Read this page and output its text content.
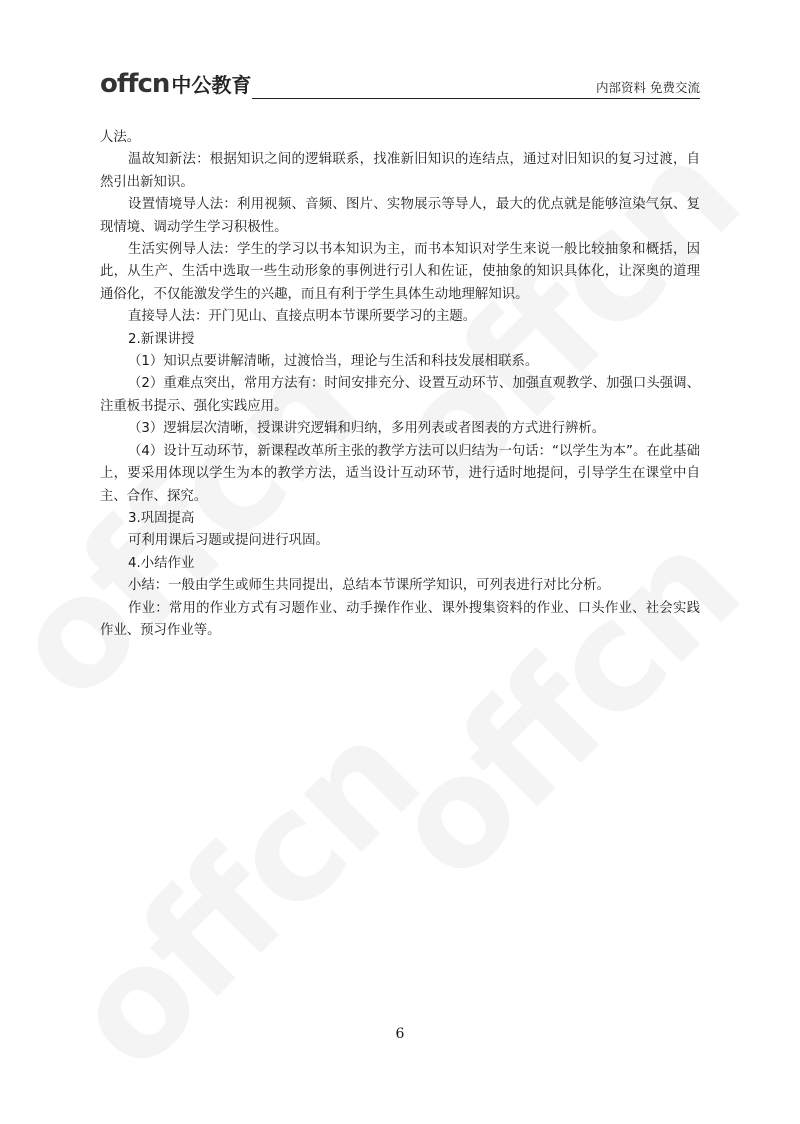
offcn 中公教育	内部资料 免费交流

人法。

温故知新法：根据知识之间的逻辑联系，找准新旧知识的连结点，通过对旧知识的复习过渡，自然引出新知识。

设置情境导人法：利用视频、音频、图片、实物展示等导人，最大的优点就是能够渲染气氛、复现情境、调动学生学习积极性。

生活实例导人法：学生的学习以书本知识为主，而书本知识对学生来说一般比较抽象和概括，因此，从生产、生活中选取一些生动形象的事例进行引人和佐证，使抽象的知识具体化，让深奥的道理通俗化，不仅能激发学生的兴趣，而且有利于学生具体生动地理解知识。

直接导人法：开门见山、直接点明本节课所要学习的主题。

2.新课讲授

（1）知识点要讲解清晰，过渡恰当，理论与生活和科技发展相联系。

（2）重难点突出，常用方法有：时间安排充分、设置互动环节、加强直观教学、加强口头强调、注重板书提示、强化实践应用。

（3）逻辑层次清晰，授课讲究逻辑和归纳，多用列表或者图表的方式进行辨析。

（4）设计互动环节，新课程改革所主张的教学方法可以归结为一句话：“以学生为本”。在此基础上，要采用体现以学生为本的教学方法，适当设计互动环节，进行适时地提问，引导学生在课堂中自主、合作、探究。

3.巩固提高

可利用课后习题或提问进行巩固。

4.小结作业

小结：一般由学生或师生共同提出，总结本节课所学知识，可列表进行对比分析。

作业：常用的作业方式有习题作业、动手操作作业、课外搜集资料的作业、口头作业、社会实践作业、预习作业等。

6
